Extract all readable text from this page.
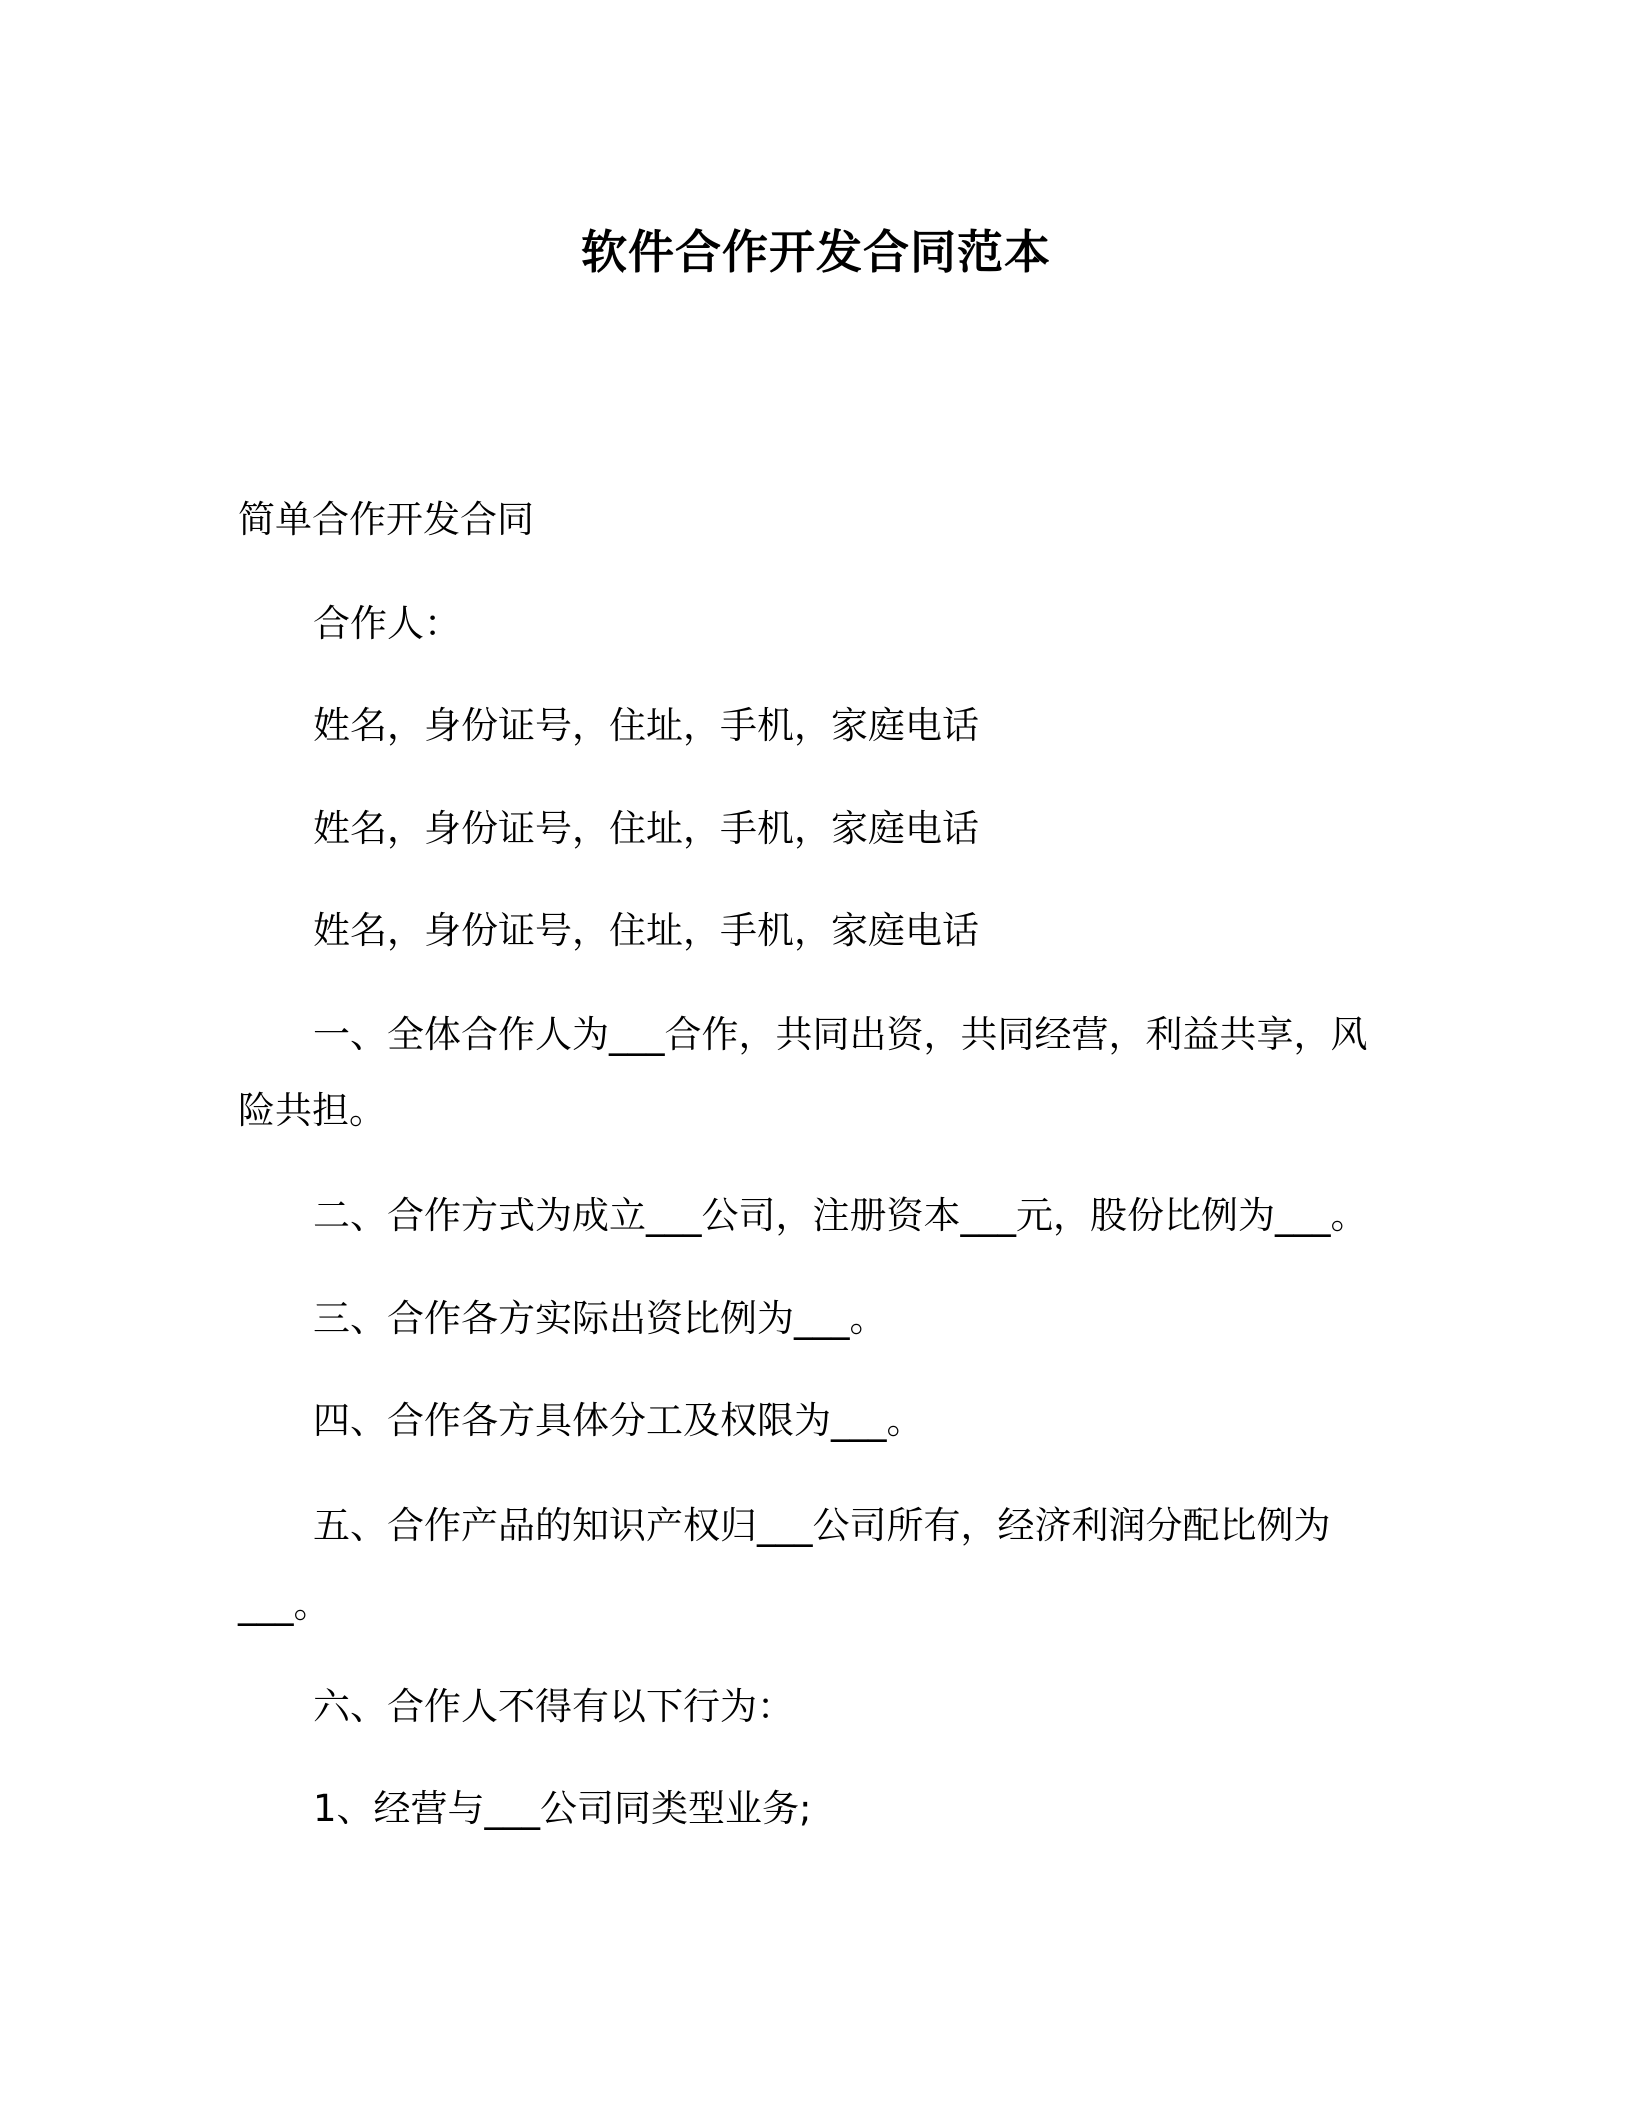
软件合作开发合同范本
简单合作开发合同
合作人：
姓名，身份证号，住址，手机，家庭电话
姓名，身份证号，住址，手机，家庭电话
姓名，身份证号，住址，手机，家庭电话
一、全体合作人为___合作，共同出资，共同经营，利益共享，风
险共担。
二、合作方式为成立___公司，注册资本___元，股份比例为___。
三、合作各方实际出资比例为___。
四、合作各方具体分工及权限为___。
五、合作产品的知识产权归___公司所有，经济利润分配比例为
___。
六、合作人不得有以下行为：
1、经营与___公司同类型业务;
